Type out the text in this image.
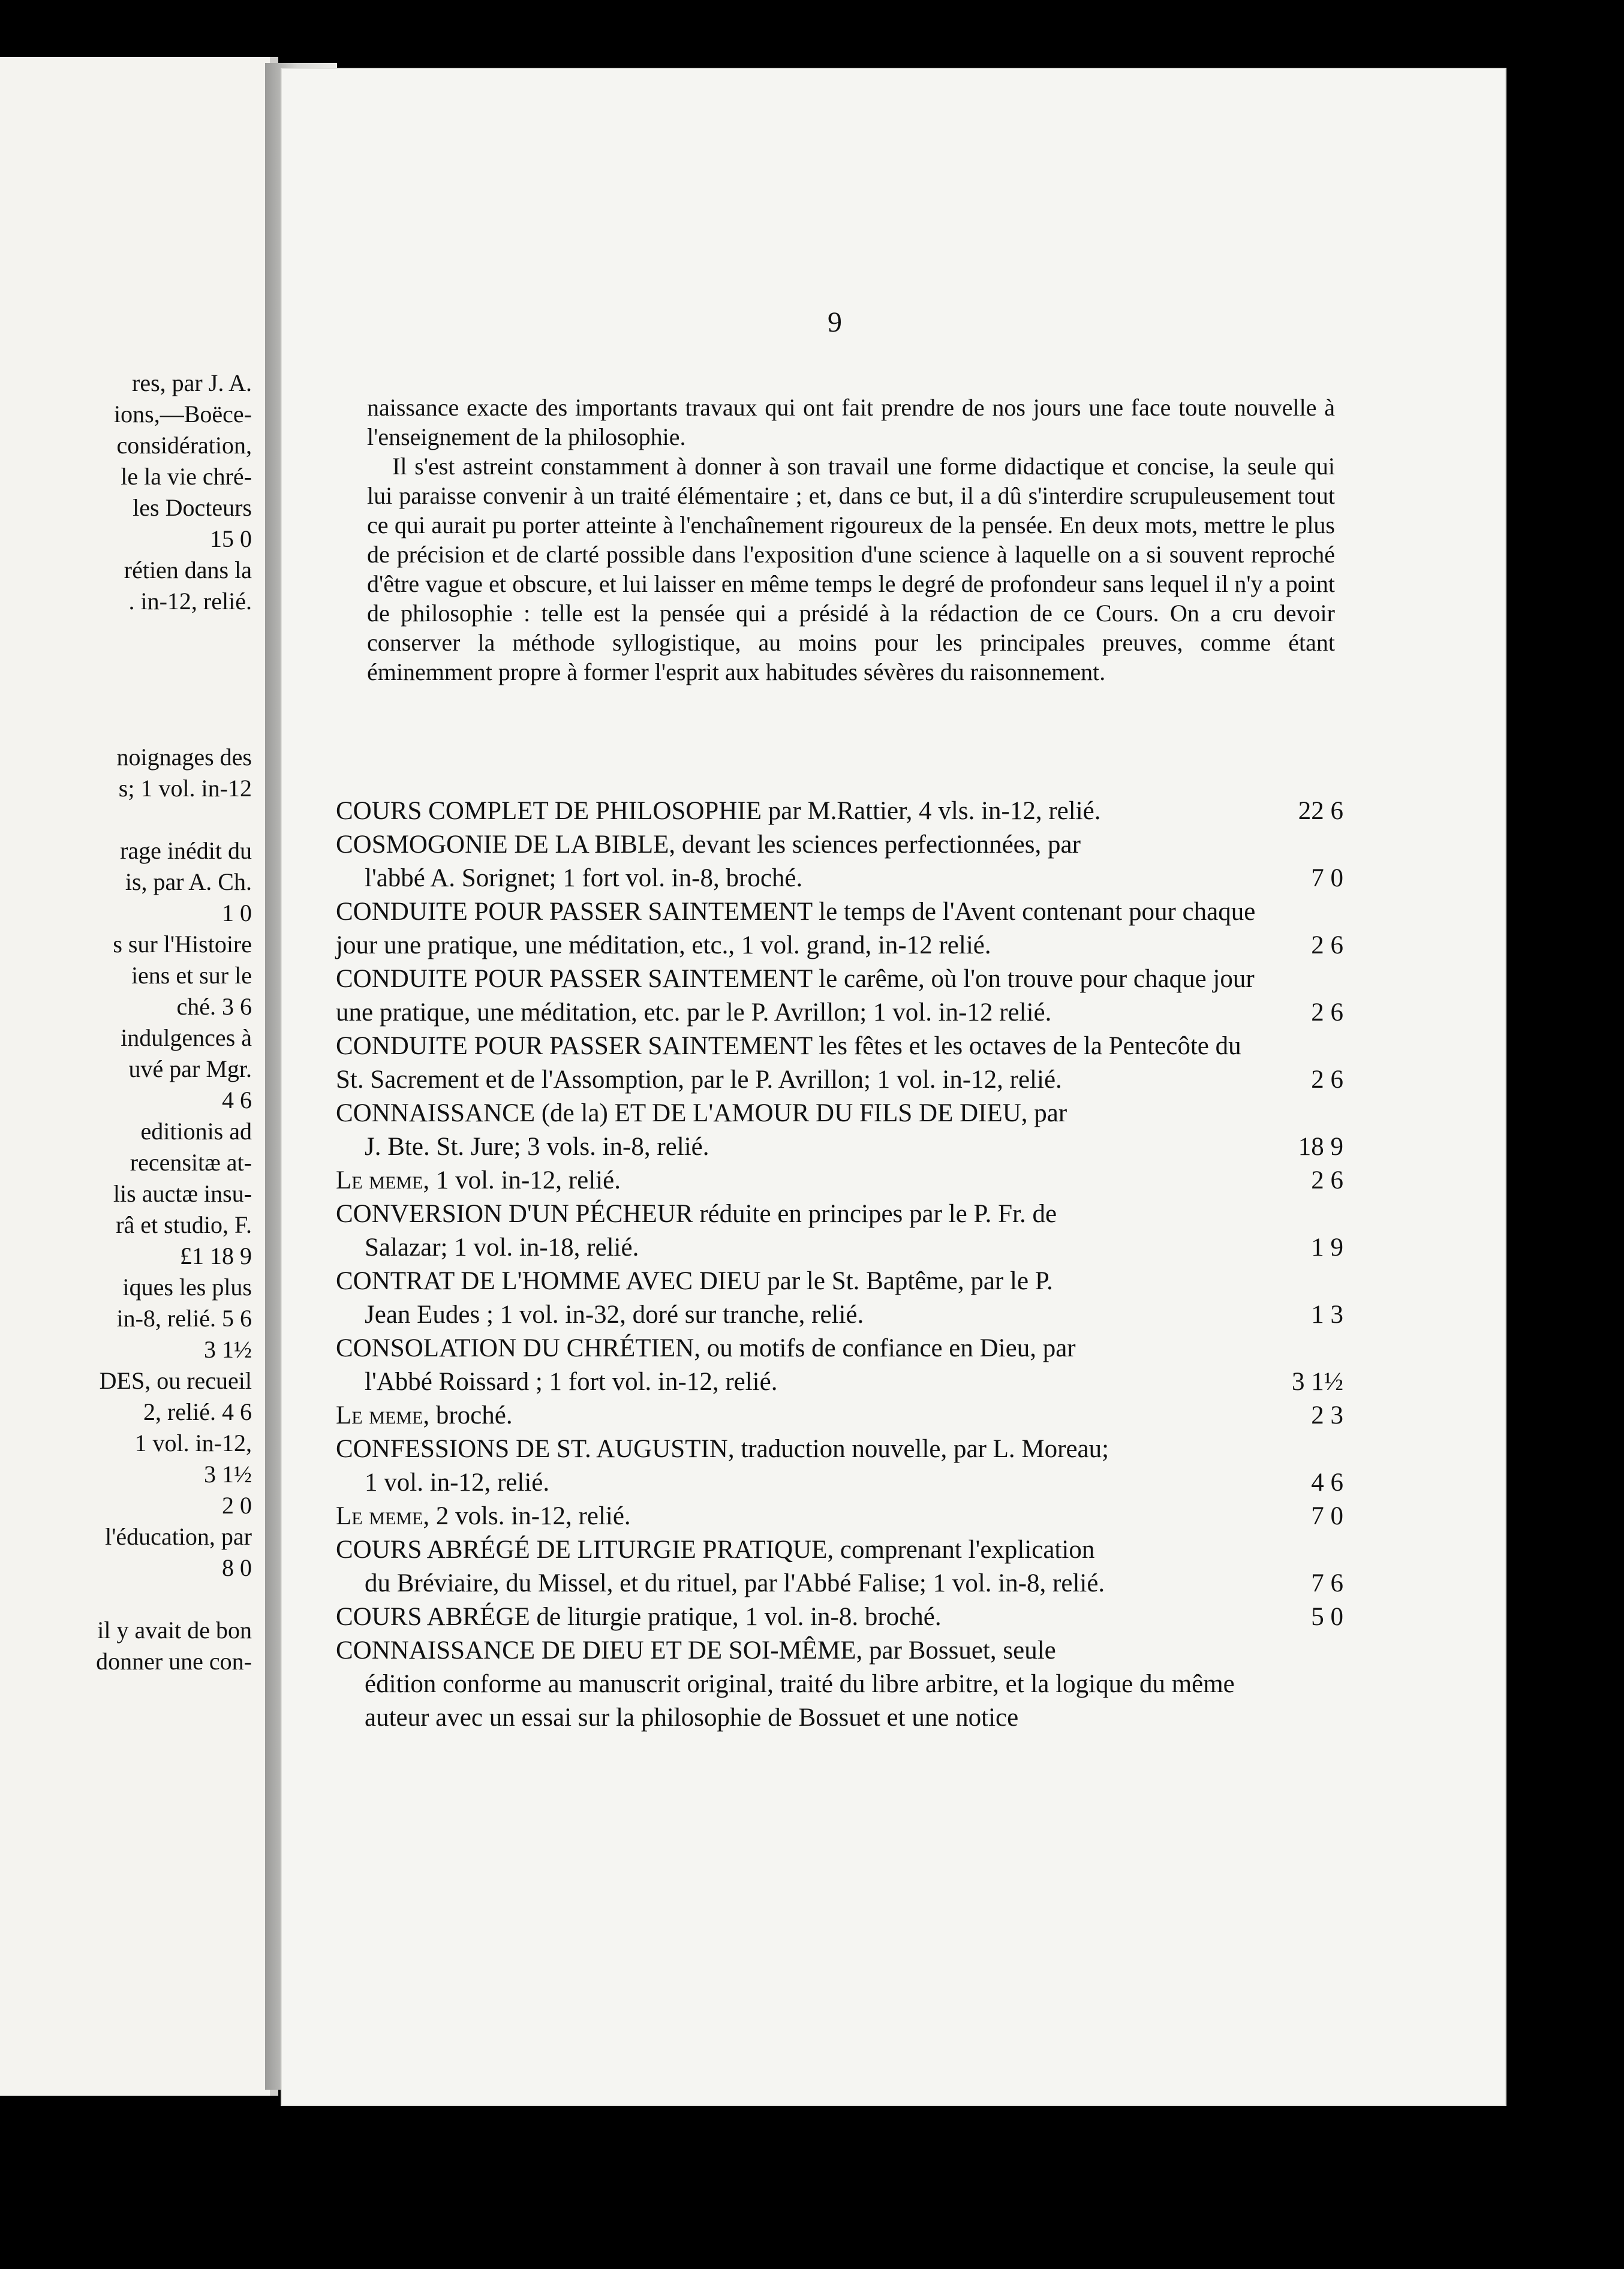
res, par J. A.
ions,—Boëce-
considération,
le la vie chré-
les Docteurs
15 0
rétien dans la
. in-12, relié.
noignages des
s; 1 vol. in-12
rage inédit du
is, par A. Ch.
1 0
s sur l'Histoire
iens et sur le
ché. 3 6
indulgences à
uvé par Mgr.
4 6
editionis ad
recensitæ at-
lis auctæ insu-
râ et studio, F.
£1 18 9
iques les plus
in-8, relié. 5 6
3 1½
DES, ou recueil
2, relié. 4 6
1 vol. in-12,
3 1½
2 0
l'éducation, par
8 0
il y avait de bon
donner une con-
9

naissance exacte des importants travaux qui ont fait prendre de nos jours une face toute nouvelle à l'enseignement de la philosophie.

Il s'est astreint constamment à donner à son travail une forme didactique et concise, la seule qui lui paraisse convenir à un traité élémentaire ; et, dans ce but, il a dû s'interdire scrupuleusement tout ce qui aurait pu porter atteinte à l'enchaînement rigoureux de la pensée. En deux mots, mettre le plus de précision et de clarté possible dans l'exposition d'une science à laquelle on a si souvent reproché d'être vague et obscure, et lui laisser en même temps le degré de profondeur sans lequel il n'y a point de philosophie : telle est la pensée qui a présidé à la rédaction de ce Cours. On a cru devoir conserver la méthode syllogistique, au moins pour les principales preuves, comme étant éminemment propre à former l'esprit aux habitudes sévères du raisonnement.

COURS COMPLET DE PHILOSOPHIE par M.Rattier, 4 vls. in-12, relié.	22 6
COSMOGONIE DE LA BIBLE, devant les sciences perfectionnées, par
l'abbé A. Sorignet; 1 fort vol. in-8, broché.	7 0
CONDUITE POUR PASSER SAINTEMENT le temps de l'Avent contenant pour chaque jour une pratique, une méditation, etc., 1 vol. grand, in-12 relié.	2 6
CONDUITE POUR PASSER SAINTEMENT le carême, où l'on trouve pour chaque jour une pratique, une méditation, etc. par le P. Avrillon; 1 vol. in-12 relié.	2 6
CONDUITE POUR PASSER SAINTEMENT les fêtes et les octaves de la Pentecôte du St. Sacrement et de l'Assomption, par le P. Avrillon; 1 vol. in-12, relié.	2 6
CONNAISSANCE (de la) ET DE L'AMOUR DU FILS DE DIEU, par
J. Bte. St. Jure; 3 vols. in-8, relié.	18 9
Le meme, 1 vol. in-12, relié.	2 6
CONVERSION D'UN PÉCHEUR réduite en principes par le P. Fr. de
Salazar; 1 vol. in-18, relié.	1 9
CONTRAT DE L'HOMME AVEC DIEU par le St. Baptême, par le P.
Jean Eudes ; 1 vol. in-32, doré sur tranche, relié.	1 3
CONSOLATION DU CHRÉTIEN, ou motifs de confiance en Dieu, par
l'Abbé Roissard ; 1 fort vol. in-12, relié.	3 1½
Le meme, broché.	2 3
CONFESSIONS DE ST. AUGUSTIN, traduction nouvelle, par L. Moreau;
1 vol. in-12, relié.	4 6
Le meme, 2 vols. in-12, relié.	7 0
COURS ABRÉGÉ DE LITURGIE PRATIQUE, comprenant l'explication
du Bréviaire, du Missel, et du rituel, par l'Abbé Falise; 1 vol. in-8, relié.	7 6
COURS ABRÉGE de liturgie pratique, 1 vol. in-8. broché.	5 0
CONNAISSANCE DE DIEU ET DE SOI-MÊME, par Bossuet, seule
édition conforme au manuscrit original, traité du libre arbitre, et la logique du même auteur avec un essai sur la philosophie de Bossuet et une notice
